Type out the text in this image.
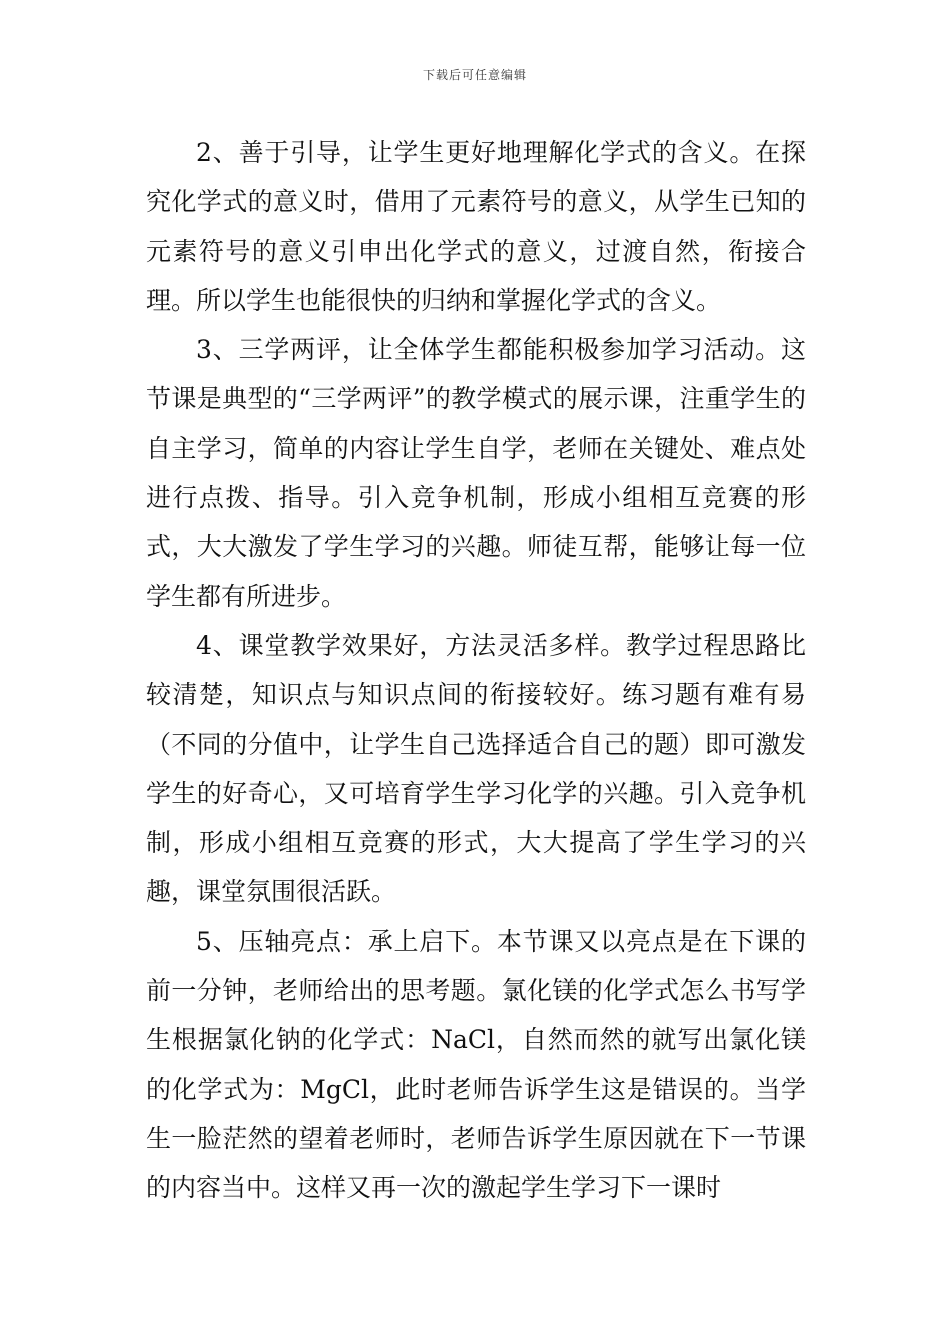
下载后可任意编辑

2、善于引导，让学生更好地理解化学式的含义。在探究化学式的意义时，借用了元素符号的意义，从学生已知的元素符号的意义引申出化学式的意义，过渡自然，衔接合理。所以学生也能很快的归纳和掌握化学式的含义。

3、三学两评，让全体学生都能积极参加学习活动。这节课是典型的“三学两评”的教学模式的展示课，注重学生的自主学习，简单的内容让学生自学，老师在关键处、难点处进行点拨、指导。引入竞争机制，形成小组相互竞赛的形式，大大激发了学生学习的兴趣。师徒互帮，能够让每一位学生都有所进步。

4、课堂教学效果好，方法灵活多样。教学过程思路比较清楚，知识点与知识点间的衔接较好。练习题有难有易（不同的分值中，让学生自己选择适合自己的题）即可激发学生的好奇心，又可培育学生学习化学的兴趣。引入竞争机制，形成小组相互竞赛的形式，大大提高了学生学习的兴趣，课堂氛围很活跃。

5、压轴亮点：承上启下。本节课又以亮点是在下课的前一分钟，老师给出的思考题。氯化镁的化学式怎么书写学生根据氯化钠的化学式：NaCl，自然而然的就写出氯化镁的化学式为：MgCl，此时老师告诉学生这是错误的。当学生一脸茫然的望着老师时，老师告诉学生原因就在下一节课的内容当中。这样又再一次的激起学生学习下一课时
